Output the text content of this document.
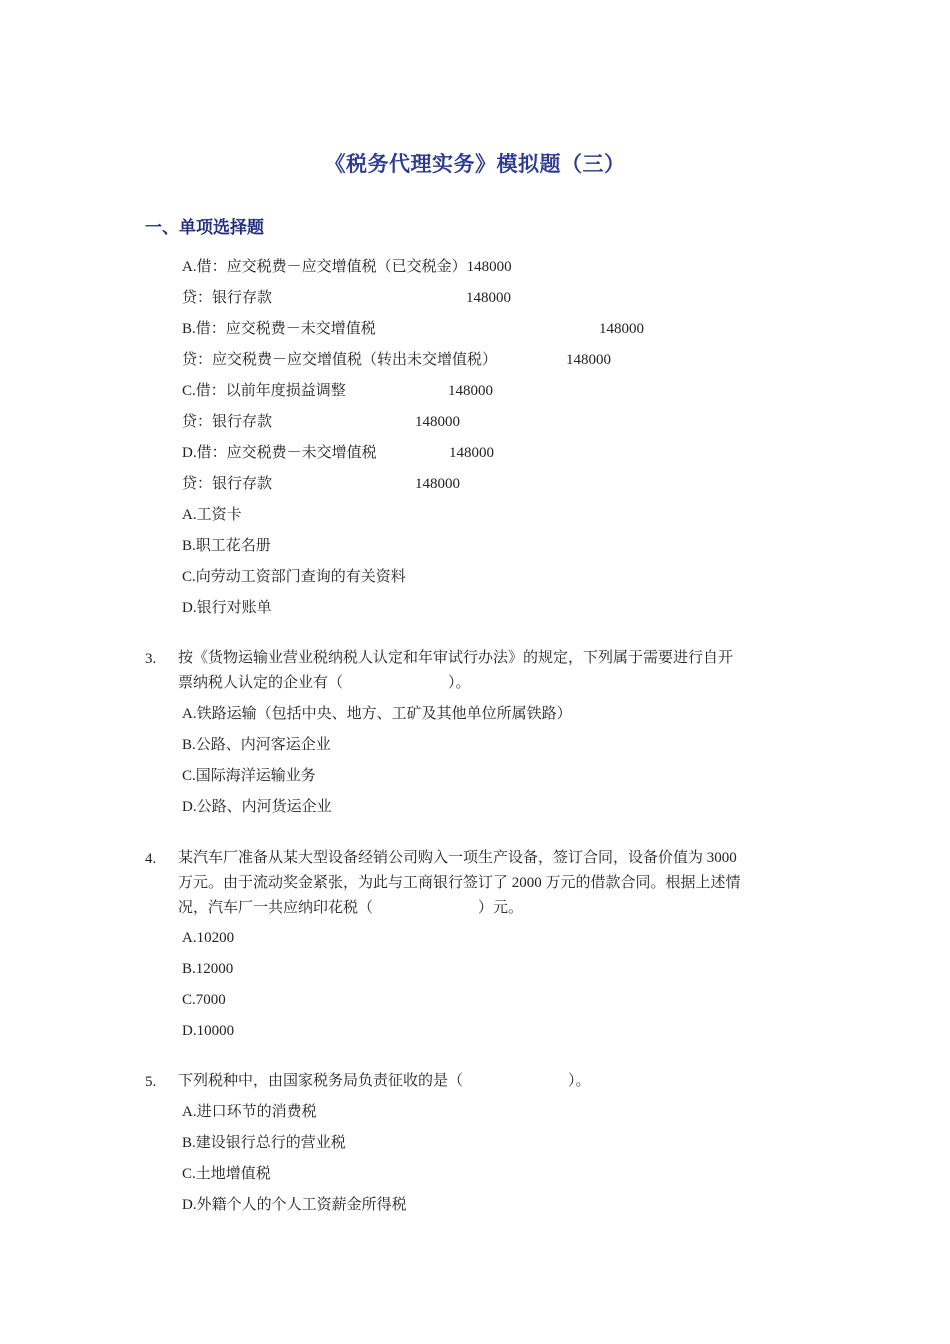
《税务代理实务》模拟题（三）
一、单项选择题
A.借：应交税费－应交增值税（已交税金）148000
贷：银行存款	148000
B.借：应交税费－未交增值税	148000
贷：应交税费－应交增值税（转出未交增值税）	148000
C.借：以前年度损益调整	148000
贷：银行存款	148000
D.借：应交税费－未交增值税	148000
贷：银行存款	148000
A.工资卡
B.职工花名册
C.向劳动工资部门查询的有关资料
D.银行对账单
3. 按《货物运输业营业税纳税人认定和年审试行办法》的规定，下列属于需要进行自开
票纳税人认定的企业有（　　　　　　　）。
A.铁路运输（包括中央、地方、工矿及其他单位所属铁路）
B.公路、内河客运企业
C.国际海洋运输业务
D.公路、内河货运企业
4. 某汽车厂准备从某大型设备经销公司购入一项生产设备，签订合同，设备价值为 3000
万元。由于流动奖金紧张，为此与工商银行签订了 2000 万元的借款合同。根据上述情
况，汽车厂一共应纳印花税（　　　　　　　）元。
A.10200
B.12000
C.7000
D.10000
5. 下列税种中，由国家税务局负责征收的是（　　　　　　　）。
A.进口环节的消费税
B.建设银行总行的营业税
C.土地增值税
D.外籍个人的个人工资薪金所得税
